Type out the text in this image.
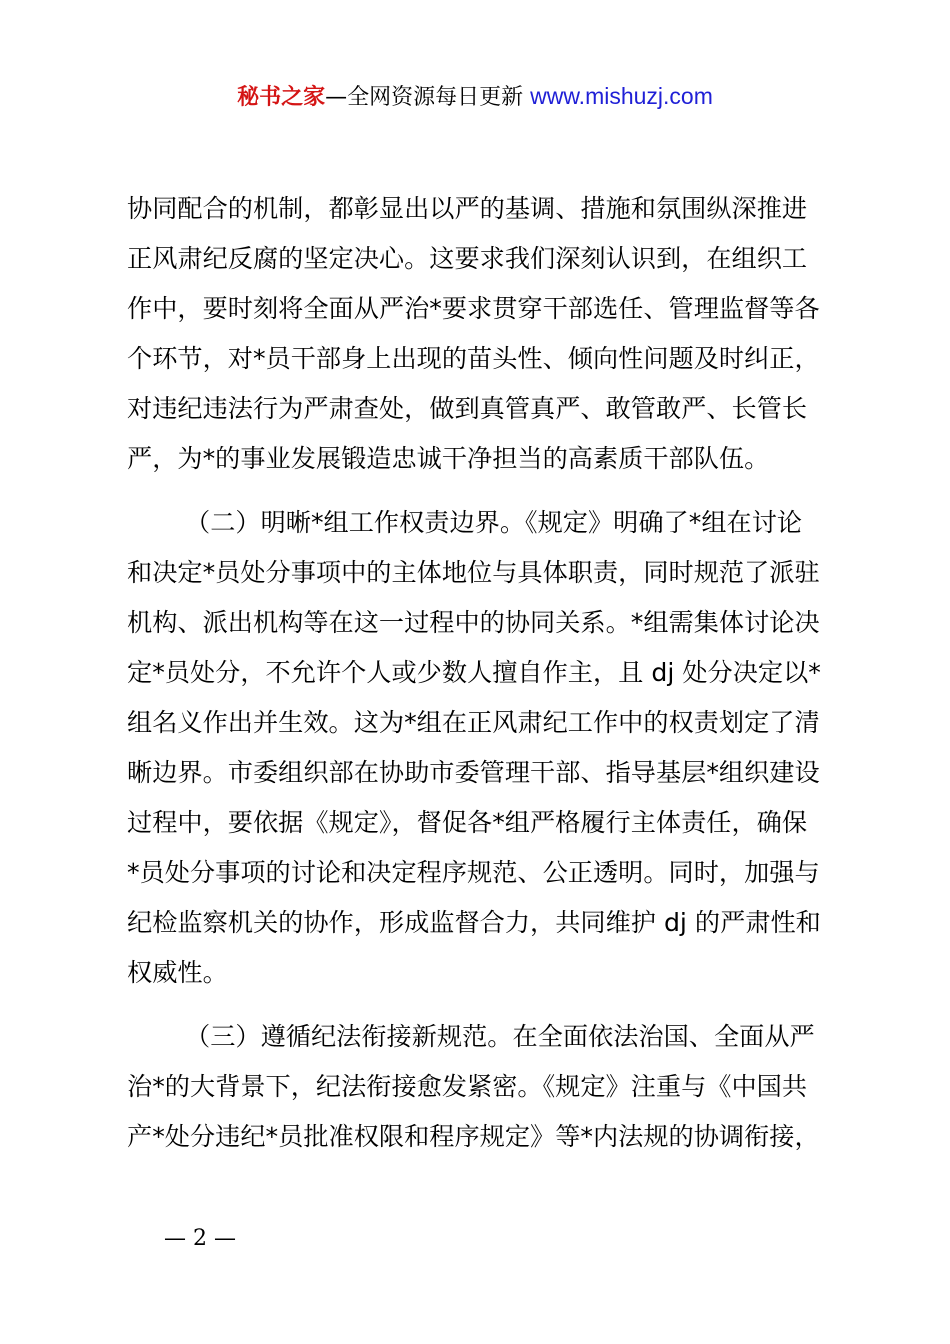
秘书之家—全网资源每日更新 www.mishuzj.com
协同配合的机制，都彰显出以严的基调、措施和氛围纵深推进
正风肃纪反腐的坚定决心。这要求我们深刻认识到，在组织工
作中，要时刻将全面从严治*要求贯穿干部选任、管理监督等各
个环节，对*员干部身上出现的苗头性、倾向性问题及时纠正，
对违纪违法行为严肃查处，做到真管真严、敢管敢严、长管长
严，为*的事业发展锻造忠诚干净担当的高素质干部队伍。
（二）明晰*组工作权责边界。《规定》明确了*组在讨论
和决定*员处分事项中的主体地位与具体职责，同时规范了派驻
机构、派出机构等在这一过程中的协同关系。*组需集体讨论决
定*员处分，不允许个人或少数人擅自作主，且 dj 处分决定以*
组名义作出并生效。这为*组在正风肃纪工作中的权责划定了清
晰边界。市委组织部在协助市委管理干部、指导基层*组织建设
过程中，要依据《规定》，督促各*组严格履行主体责任，确保
*员处分事项的讨论和决定程序规范、公正透明。同时，加强与
纪检监察机关的协作，形成监督合力，共同维护 dj 的严肃性和
权威性。
（三）遵循纪法衔接新规范。在全面依法治国、全面从严
治*的大背景下，纪法衔接愈发紧密。《规定》注重与《中国共
产*处分违纪*员批准权限和程序规定》等*内法规的协调衔接，
— 2 —
